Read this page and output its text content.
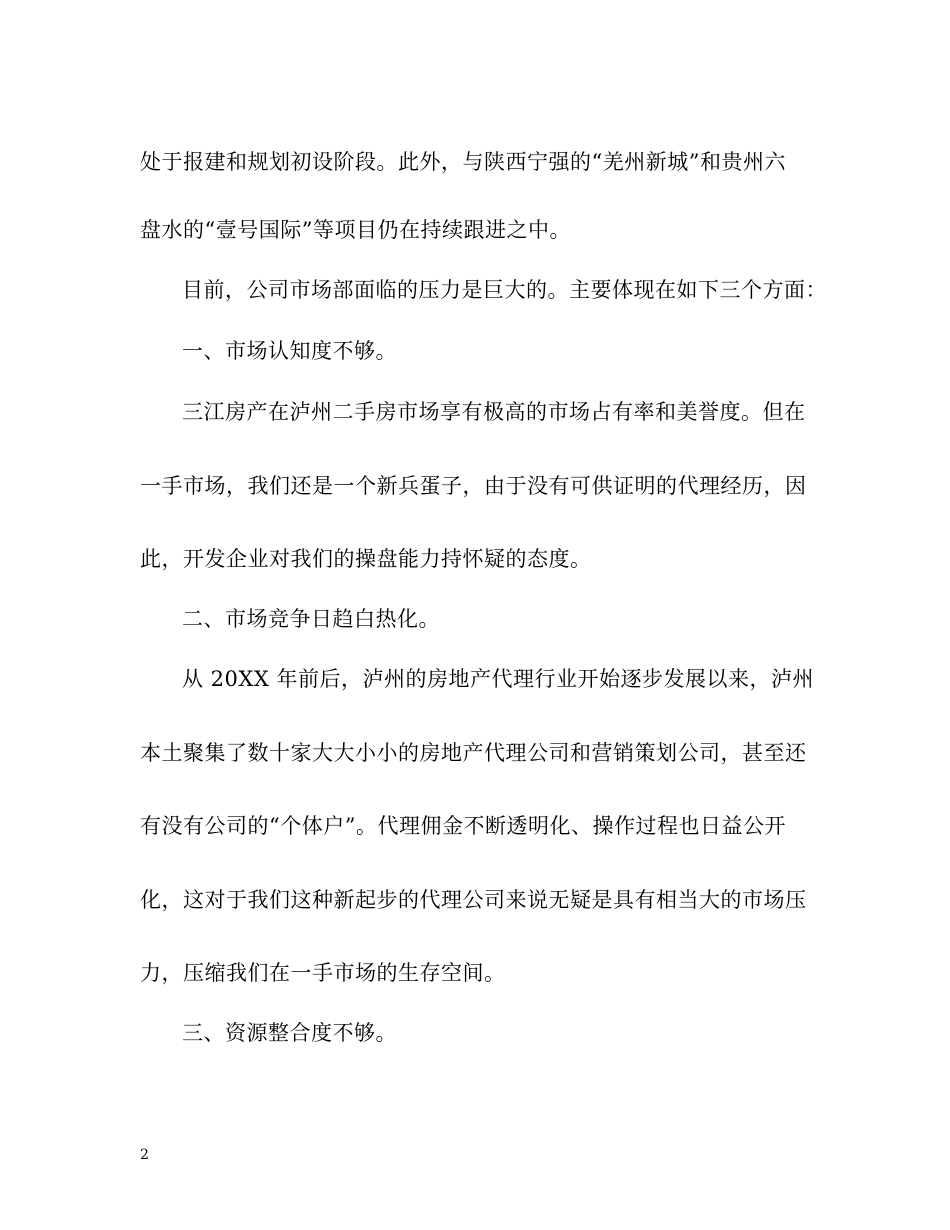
处于报建和规划初设阶段。此外，与陕西宁强的“羌州新城”和贵州六
盘水的“壹号国际”等项目仍在持续跟进之中。
目前，公司市场部面临的压力是巨大的。主要体现在如下三个方面：
一、市场认知度不够。
三江房产在泸州二手房市场享有极高的市场占有率和美誉度。但在
一手市场，我们还是一个新兵蛋子，由于没有可供证明的代理经历，因
此，开发企业对我们的操盘能力持怀疑的态度。
二、市场竞争日趋白热化。
从 20XX 年前后，泸州的房地产代理行业开始逐步发展以来，泸州
本土聚集了数十家大大小小的房地产代理公司和营销策划公司，甚至还
有没有公司的“个体户”。代理佣金不断透明化、操作过程也日益公开
化，这对于我们这种新起步的代理公司来说无疑是具有相当大的市场压
力，压缩我们在一手市场的生存空间。
三、资源整合度不够。
2
